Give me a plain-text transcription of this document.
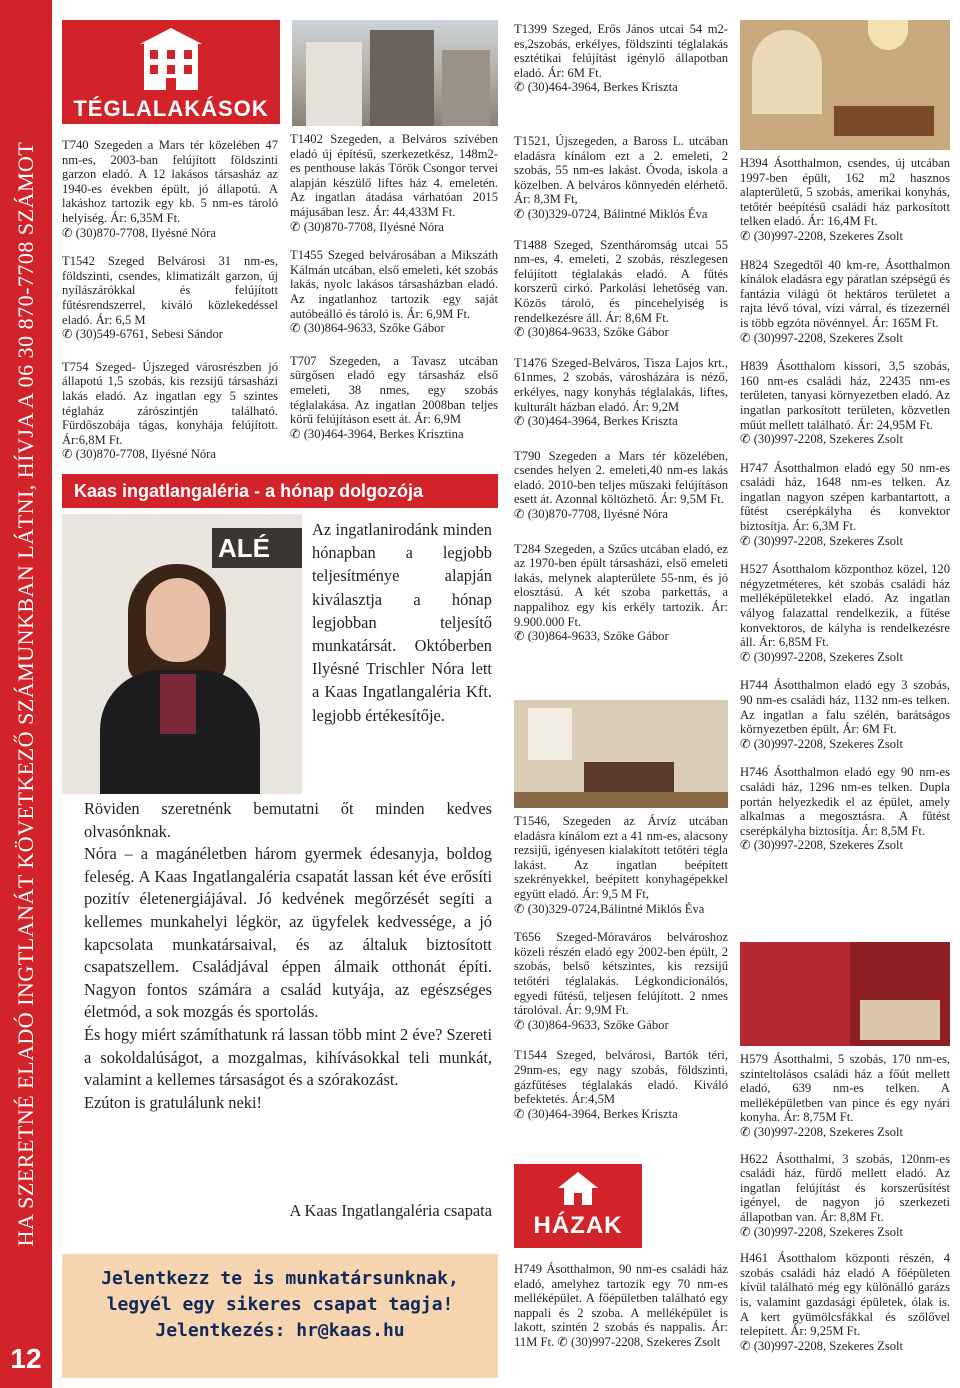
HA SZERETNÉ ELADÓ INGTLANÁT KÖVETKEZŐ SZÁMUNKBAN LÁTNI, HÍVJA A 06 30 870-7708 SZÁMOT
12
TÉGLALAKÁSOK

T740 Szegeden a Mars tér közelében 47 nm-es, 2003-ban felújított földszinti garzon eladó. A 12 lakásos társasház az 1940-es években épült, jó állapotú. A lakáshoz tartozik egy kb. 5 nm-es tároló helyiség. Ár: 6,35M Ft.

✆ (30)870-7708, Ilyésné Nóra

T1542 Szeged Belvárosi 31 nm-es, földszinti, csendes, klimatizált garzon, új nyílászárókkal és felújított fűtésrendszerrel, kiváló közlekedéssel eladó. Ár: 6,5 M

✆ (30)549-6761, Sebesi Sándor

T754 Szeged- Újszeged városrészben jó állapotú 1,5 szobás, kis rezsijű társasházi lakás eladó. Az ingatlan egy 5 szintes téglaház zárószintjén található. Fürdőszobája tágas, konyhája felújított. Ár:6,8M Ft.

✆ (30)870-7708, Ilyésné Nóra

T1402 Szegeden, a Belváros szívében eladó új építésű, szerkezetkész, 148m2-es penthouse lakás Török Csongor tervei alapján készülő liftes ház 4. emeletén. Az ingatlan átadása várhatóan 2015 májusában lesz. Ár: 44,433M Ft.

✆ (30)870-7708, Ilyésné Nóra

T1455 Szeged belvárosában a Mikszáth Kálmán utcában, első emeleti, két szobás lakás, nyolc lakásos társasházban eladó. Az ingatlanhoz tartozik egy saját autóbeálló és tároló is. Ár: 6,9M Ft.

✆ (30)864-9633, Szőke Gábor

T707 Szegeden, a Tavasz utcában sürgősen eladó egy társasház első emeleti, 38 nmes, egy szobás téglalakása. Az ingatlan 2008ban teljes körű felújításon esett át. Ár: 6,9M

✆ (30)464-3964, Berkes Krisztina
Kaas ingatlangaléria - a hónap dolgozója
ALÉ
Az ingatlanirodánk minden hónapban a legjobb teljesítménye alapján kiválasztja a hónap legjobban teljesítő munkatársát. Októberben Ilyésné Trischler Nóra lett a Kaas Ingatlangaléria Kft. legjobb értékesítője.

Röviden szeretnénk bemutatni őt minden kedves olvasónknak.

Nóra – a magánéletben három gyermek édesanyja, boldog feleség. A Kaas Ingatlangaléria csapatát lassan két éve erősíti pozitív életenergiájával. Jó kedvének megőrzését segíti a kellemes munkahelyi légkör, az ügyfelek kedvessége, a jó kapcsolata munkatársaival, és az általuk biztosított csapatszellem. Családjával éppen álmaik otthonát építi. Nagyon fontos számára a család kutyája, az egészséges életmód, a sok mozgás és sportolás.

És hogy miért számíthatunk rá lassan több mint 2 éve? Szereti a sokoldalúságot, a mozgalmas, kihívásokkal teli munkát, valamint a kellemes társaságot és a szórakozást.

Ezúton is gratulálunk neki!

A Kaas Ingatlangaléria csapata
Jelentkezz te is munkatársunknak,
legyél egy sikeres csapat tagja!
Jelentkezés: hr@kaas.hu

T1399 Szeged, Erős János utcai 54 m2-es,2szobás, erkélyes, földszinti téglalakás esztétikai felújítást igénylő állapotban eladó. Ár: 6M Ft.

✆ (30)464-3964, Berkes Kriszta

T1521, Újszegeden, a Baross L. utcában eladásra kínálom ezt a 2. emeleti, 2 szobás, 55 nm-es lakást. Óvoda, iskola a közelben. A belváros könnyedén elérhető. Ár: 8,3M Ft,

✆ (30)329-0724, Bálintné Miklós Éva

T1488 Szeged, Szentháromság utcai 55 nm-es, 4. emeleti, 2 szobás, részlegesen felújított téglalakás eladó. A fűtés korszerű cirkó. Parkolási lehetőség van. Közös tároló, és pincehelyiség is rendelkezésre áll. Ár: 8,6M Ft.

✆ (30)864-9633, Szőke Gábor

T1476 Szeged-Belváros, Tisza Lajos krt., 61nmes, 2 szobás, városházára is néző, erkélyes, nagy konyhás téglalakás, liftes, kulturált házban eladó. Ár: 9,2M

✆ (30)464-3964, Berkes Kriszta

T790 Szegeden a Mars tér közelében, csendes helyen 2. emeleti,40 nm-es lakás eladó. 2010-ben teljes műszaki felújításon esett át. Azonnal költözhető. Ár: 9,5M Ft.

✆ (30)870-7708, Ilyésné Nóra

T284 Szegeden, a Szűcs utcában eladó, ez az 1970-ben épült társasházi, első emeleti lakás, melynek alapterülete 55-nm, és jó elosztású. A két szoba parkettás, a nappalihoz egy kis erkély tartozik. Ár: 9.900.000 Ft.

✆ (30)864-9633, Szőke Gábor

T1546, Szegeden az Árvíz utcában eladásra kínálom ezt a 41 nm-es, alacsony rezsijű, igényesen kialakított tetőtéri tégla lakást. Az ingatlan beépített szekrényekkel, beépített konyhagépekkel együtt eladó. Ár: 9,5 M Ft,

✆ (30)329-0724,Bálintné Miklós Éva

T656 Szeged-Móraváros belvároshoz közeli részén eladó egy 2002-ben épült, 2 szobás, belső kétszintes, kis rezsijű tetőtéri téglalakás. Légkondicionálós, egyedi fűtésű, teljesen felújított. 2 nmes tárolóval. Ár: 9,9M Ft.

✆ (30)864-9633, Szőke Gábor

T1544 Szeged, belvárosi, Bartók téri, 29nm-es, egy nagy szobás, földszinti, gázfűtéses téglalakás eladó. Kiváló befektetés. Ár:4,5M

✆ (30)464-3964, Berkes Kriszta
HÁZAK

H749 Ásotthalmon, 90 nm-es családi ház eladó, amelyhez tartozik egy 70 nm-es melléképület. A főépületben található egy nappali és 2 szoba. A melléképület is lakott, szintén 2 szobás és nappalis. Ár: 11M Ft. ✆ (30)997-2208, Szekeres Zsolt

H394 Ásotthalmon, csendes, új utcában 1997-ben épült, 162 m2 hasznos alapterületű, 5 szobás, amerikai konyhás, tetőtér beépítésű családi ház parkosított telken eladó. Ár: 16,4M Ft.

✆ (30)997-2208, Szekeres Zsolt

H824 Szegedtől 40 km-re, Ásotthalmon kínálok eladásra egy páratlan szépségű és fantázia világú öt hektáros területet a rajta lévő tóval, vízi várral, és tízezernél is több egzóta növénnyel. Ár: 165M Ft.

✆ (30)997-2208, Szekeres Zsolt

H839 Ásotthalom kissori, 3,5 szobás, 160 nm-es családi ház, 22435 nm-es területen, tanyasi környezetben eladó. Az ingatlan parkosított területen, közvetlen műút mellett található. Ár: 24,95M Ft.

✆ (30)997-2208, Szekeres Zsolt

H747 Ásotthalmon eladó egy 50 nm-es családi ház, 1648 nm-es telken. Az ingatlan nagyon szépen karbantartott, a fűtést cserépkályha és konvektor biztosítja. Ár: 6,3M Ft.

✆ (30)997-2208, Szekeres Zsolt

H527 Ásotthalom központhoz közel, 120 négyzetméteres, két szobás családi ház melléképületekkel eladó. Az ingatlan vályog falazattal rendelkezik, a fűtése konvektoros, de kályha is rendelkezésre áll. Ár: 6,85M Ft.

✆ (30)997-2208, Szekeres Zsolt

H744 Ásotthalmon eladó egy 3 szobás, 90 nm-es családi ház, 1132 nm-es telken. Az ingatlan a falu szélén, barátságos környezetben épült, Ár: 6M Ft.

✆ (30)997-2208, Szekeres Zsolt

H746 Ásotthalmon eladó egy 90 nm-es családi ház, 1296 nm-es telken. Dupla portán helyezkedik el az épület, amely alkalmas a megosztásra. A fűtést cserépkályha biztosítja. Ár: 8,5M Ft.

✆ (30)997-2208, Szekeres Zsolt

H579 Ásotthalmi, 5 szobás, 170 nm-es, szinteltolásos családi ház a főút mellett eladó, 639 nm-es telken. A melléképületben van pince és egy nyári konyha. Ár: 8,75M Ft.

✆ (30)997-2208, Szekeres Zsolt

H622 Ásotthalmi, 3 szobás, 120nm-es családi ház, fürdő mellett eladó. Az ingatlan felújítást és korszerűsítést igényel, de nagyon jó szerkezeti állapotban van. Ár: 8,8M Ft.

✆ (30)997-2208, Szekeres Zsolt

H461 Ásotthalom központi részén, 4 szobás családi ház eladó A főépületen kívül található még egy különálló garázs is, valamint gazdasági épületek, ólak is. A kert gyümölcsfákkal és szőlővel telepített. Ár: 9,25M Ft.

✆ (30)997-2208, Szekeres Zsolt
